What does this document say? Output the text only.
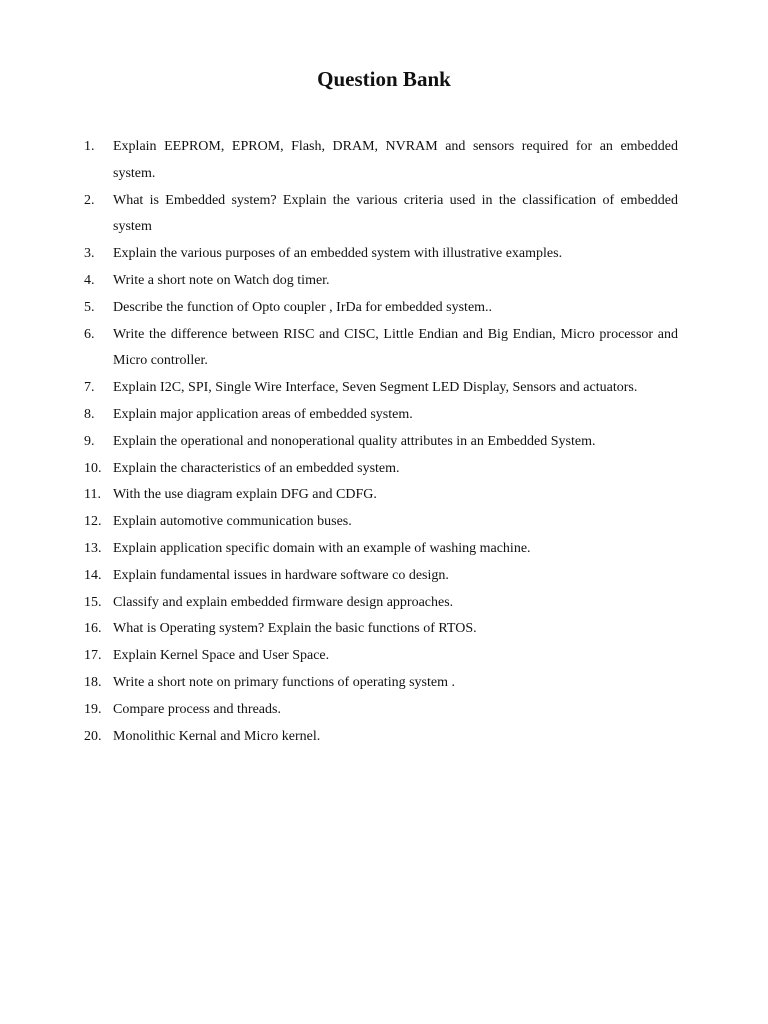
Question Bank
1.	Explain EEPROM, EPROM, Flash, DRAM, NVRAM and sensors required for an embedded system.
2.	What is Embedded system? Explain the various criteria used in the classification of embedded system
3.	Explain the various purposes of an embedded system with illustrative examples.
4.	Write a short note on Watch dog timer.
5.	Describe the function of Opto coupler , IrDa for embedded system..
6.	Write the difference between RISC and CISC, Little Endian and Big Endian, Micro processor and Micro controller.
7.	Explain I2C, SPI, Single Wire Interface, Seven Segment LED Display, Sensors and actuators.
8.	Explain major application areas of embedded system.
9.	Explain the operational and nonoperational quality attributes in an Embedded System.
10. Explain the characteristics of an embedded system.
11. With the use diagram explain DFG and CDFG.
12. Explain automotive communication buses.
13. Explain application specific domain with an example of washing machine.
14. Explain fundamental issues in hardware software co design.
15. Classify and explain embedded firmware design approaches.
16. What is Operating system? Explain the basic functions of RTOS.
17. Explain Kernel Space and User Space.
18. Write a short note on primary functions of operating system .
19. Compare process and threads.
20. Monolithic Kernal and Micro kernel.
